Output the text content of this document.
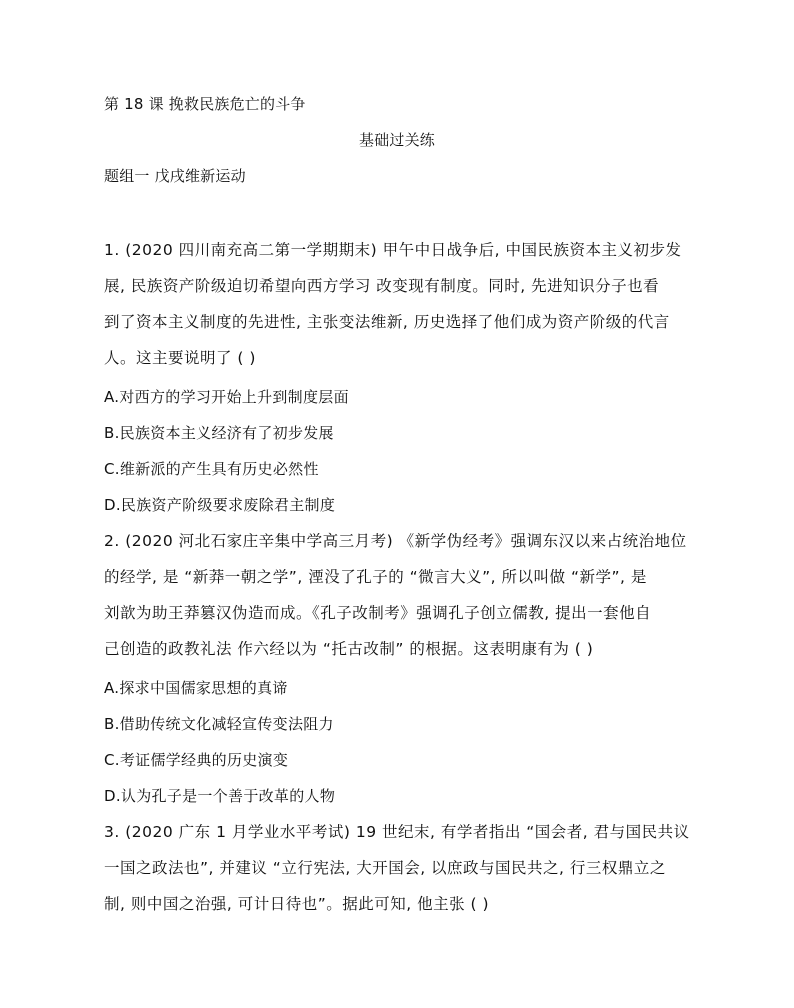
第 18 课 挽救民族危亡的斗争
基础过关练
题组一 戊戌维新运动
1. (2020 四川南充高二第一学期期末) 甲午中日战争后, 中国民族资本主义初步发
展, 民族资产阶级迫切希望向西方学习 改变现有制度。同时, 先进知识分子也看
到了资本主义制度的先进性, 主张变法维新, 历史选择了他们成为资产阶级的代言
人。这主要说明了 ( )
A.对西方的学习开始上升到制度层面
B.民族资本主义经济有了初步发展
C.维新派的产生具有历史必然性
D.民族资产阶级要求废除君主制度
2. (2020 河北石家庄辛集中学高三月考) 《新学伪经考》强调东汉以来占统治地位
的经学, 是 “新莽一朝之学”, 湮没了孔子的 “微言大义”, 所以叫做 “新学”, 是
刘歆为助王莽篡汉伪造而成。《孔子改制考》强调孔子创立儒教, 提出一套他自
己创造的政教礼法 作六经以为 “托古改制” 的根据。这表明康有为 ( )
A.探求中国儒家思想的真谛
B.借助传统文化减轻宣传变法阻力
C.考证儒学经典的历史演变
D.认为孔子是一个善于改革的人物
3. (2020 广东 1 月学业水平考试) 19 世纪末, 有学者指出 “国会者, 君与国民共议
一国之政法也”, 并建议 “立行宪法, 大开国会, 以庶政与国民共之, 行三权鼎立之
制, 则中国之治强, 可计日待也”。据此可知, 他主张 ( )
